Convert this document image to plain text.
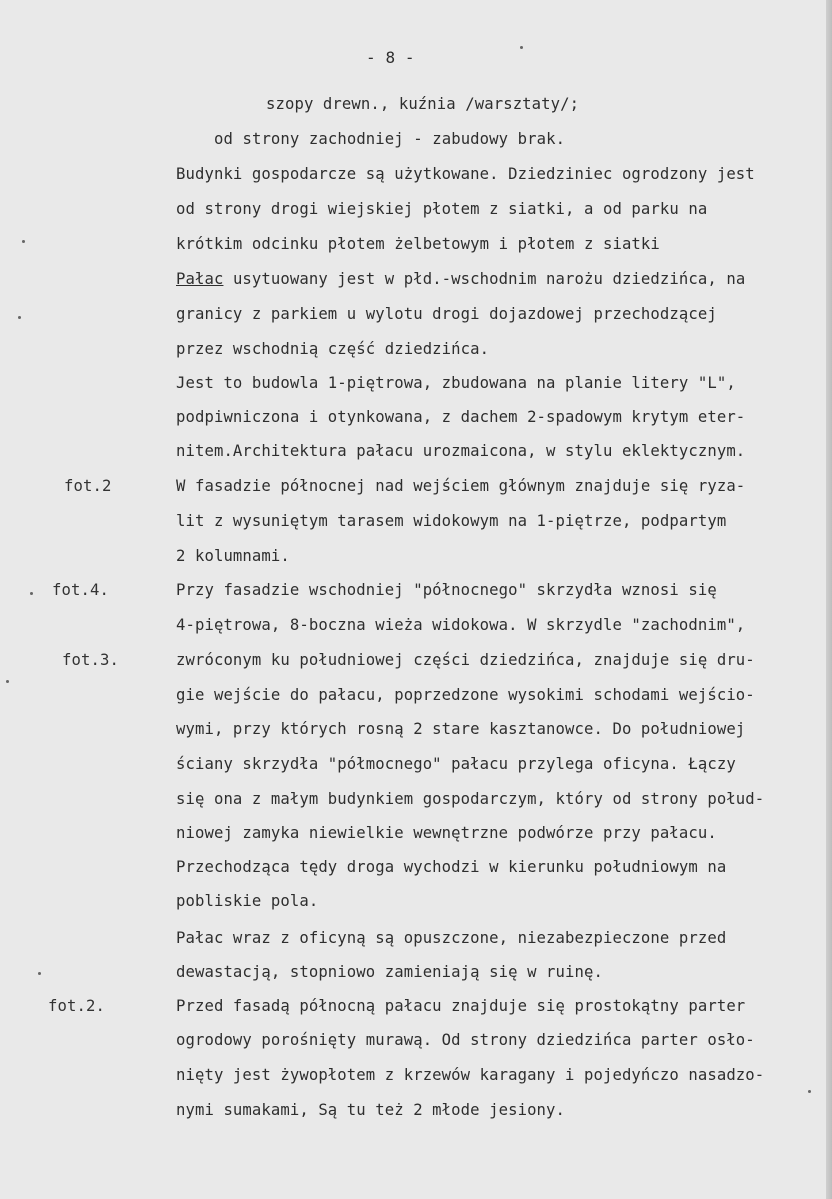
- 8 -
szopy drewn., kuźnia /warsztaty/;
od strony zachodniej - zabudowy brak.
Budynki gospodarcze są użytkowane. Dziedziniec ogrodzony jest
od strony drogi wiejskiej płotem z siatki, a od parku na
krótkim odcinku płotem żelbetowym i płotem z siatki
Pałac usytuowany jest w płd.-wschodnim narożu dziedzińca, na
granicy z parkiem u wylotu drogi dojazdowej przechodzącej
przez wschodnią część dziedzińca.
Jest to budowla 1-piętrowa, zbudowana na planie litery "L",
podpiwniczona i otynkowana, z dachem 2-spadowym krytym eter-
nitem.Architektura pałacu urozmaicona, w stylu eklektycznym.
W fasadzie północnej nad wejściem głównym znajduje się ryza-
lit z wysuniętym tarasem widokowym na 1-piętrze, podpartym
2 kolumnami.
Przy fasadzie wschodniej "północnego" skrzydła wznosi się
4-piętrowa, 8-boczna wieża widokowa. W skrzydle "zachodnim",
zwróconym ku południowej części dziedzińca, znajduje się dru-
gie wejście do pałacu, poprzedzone wysokimi schodami wejścio-
wymi, przy których rosną 2 stare kasztanowce. Do południowej
ściany skrzydła "półmocnego" pałacu przylega oficyna. Łączy
się ona z małym budynkiem gospodarczym, który od strony połud-
niowej zamyka niewielkie wewnętrzne podwórze przy pałacu.
Przechodząca tędy droga wychodzi w kierunku południowym na
pobliskie pola.
Pałac wraz z oficyną są opuszczone, niezabezpieczone przed
dewastacją, stopniowo zamieniają się w ruinę.
Przed fasadą północną pałacu znajduje się prostokątny parter
ogrodowy porośnięty murawą. Od strony dziedzińca parter osło-
nięty jest żywopłotem z krzewów karagany i pojedyńczo nasadzo-
nymi sumakami, Są tu też 2 młode jesiony.
fot.2
fot.4.
fot.3.
fot.2.
